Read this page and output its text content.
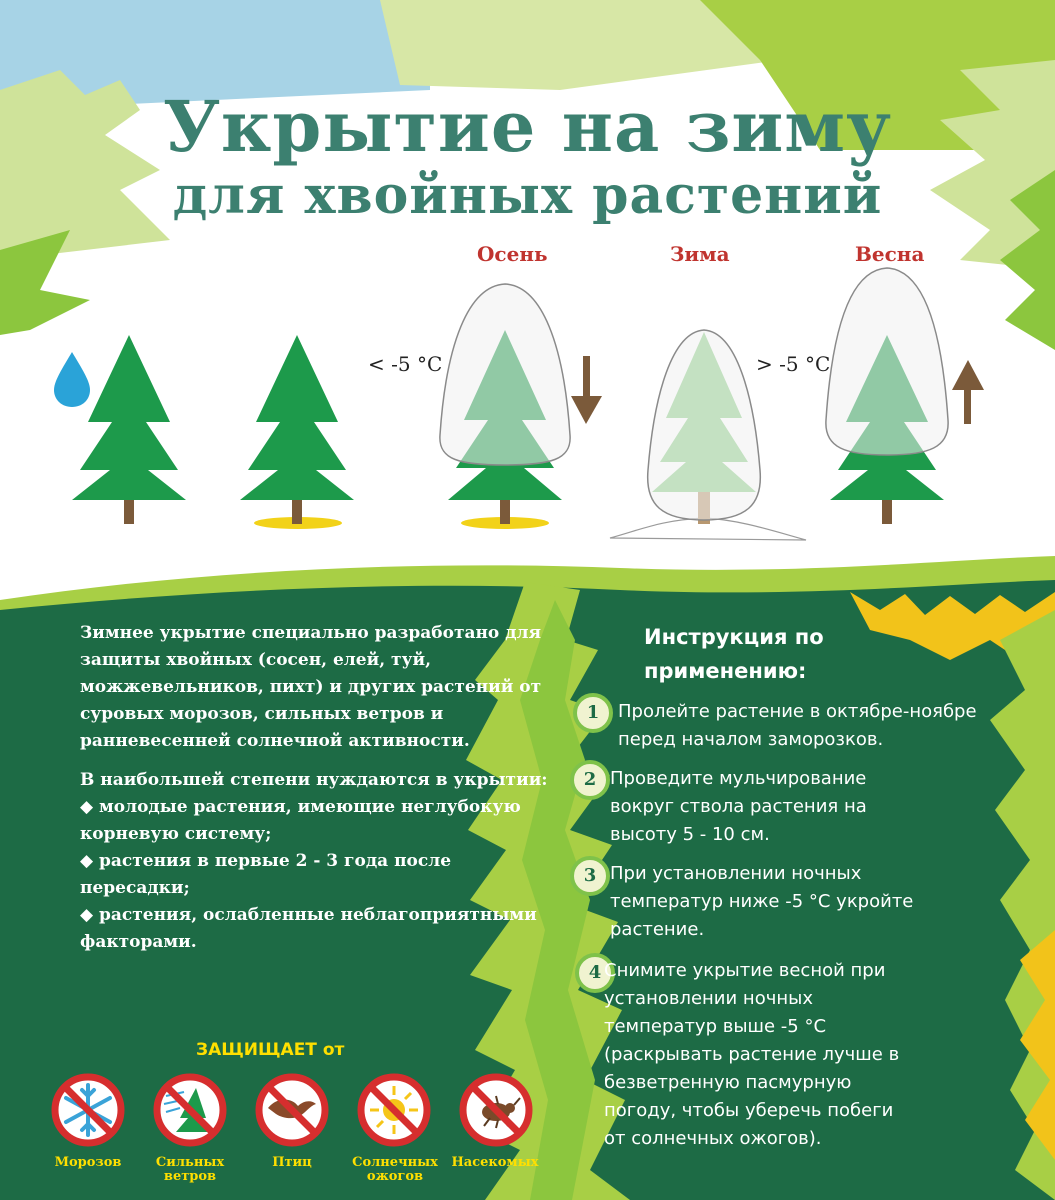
Укрытие на зиму
для хвойных растений
Осень	Зима	Весна
< -5 °C	> -5 °C

Зимнее укрытие специально разработано для защиты хвойных (сосен, елей, туй, можжевельников, пихт) и других растений от суровых морозов, сильных ветров и ранневесенней солнечной активности.

В наибольшей степени нуждаются в укрытии:

◆ молодые растения, имеющие неглубокую корневую систему;
◆ растения в первые 2 - 3 года после пересадки;
◆ растения, ослабленные неблагоприятными факторами.
ЗАЩИЩАЕТ от
Морозов	Сильных ветров
Птиц	Солнечных ожогов
Насекомых
Инструкция по применению:
1	Пролейте растение в октябре-ноябре перед началом заморозков.
2 Проведите мульчирование вокруг ствола растения на высоту 5 - 10 см.
3 При установлении ночных температур ниже -5 °С укройте растение.
4 Снимите укрытие весной при установлении ночных температур выше -5 °С (раскрывать растение лучше в безветренную пасмурную погоду, чтобы уберечь побеги от солнечных ожогов).
